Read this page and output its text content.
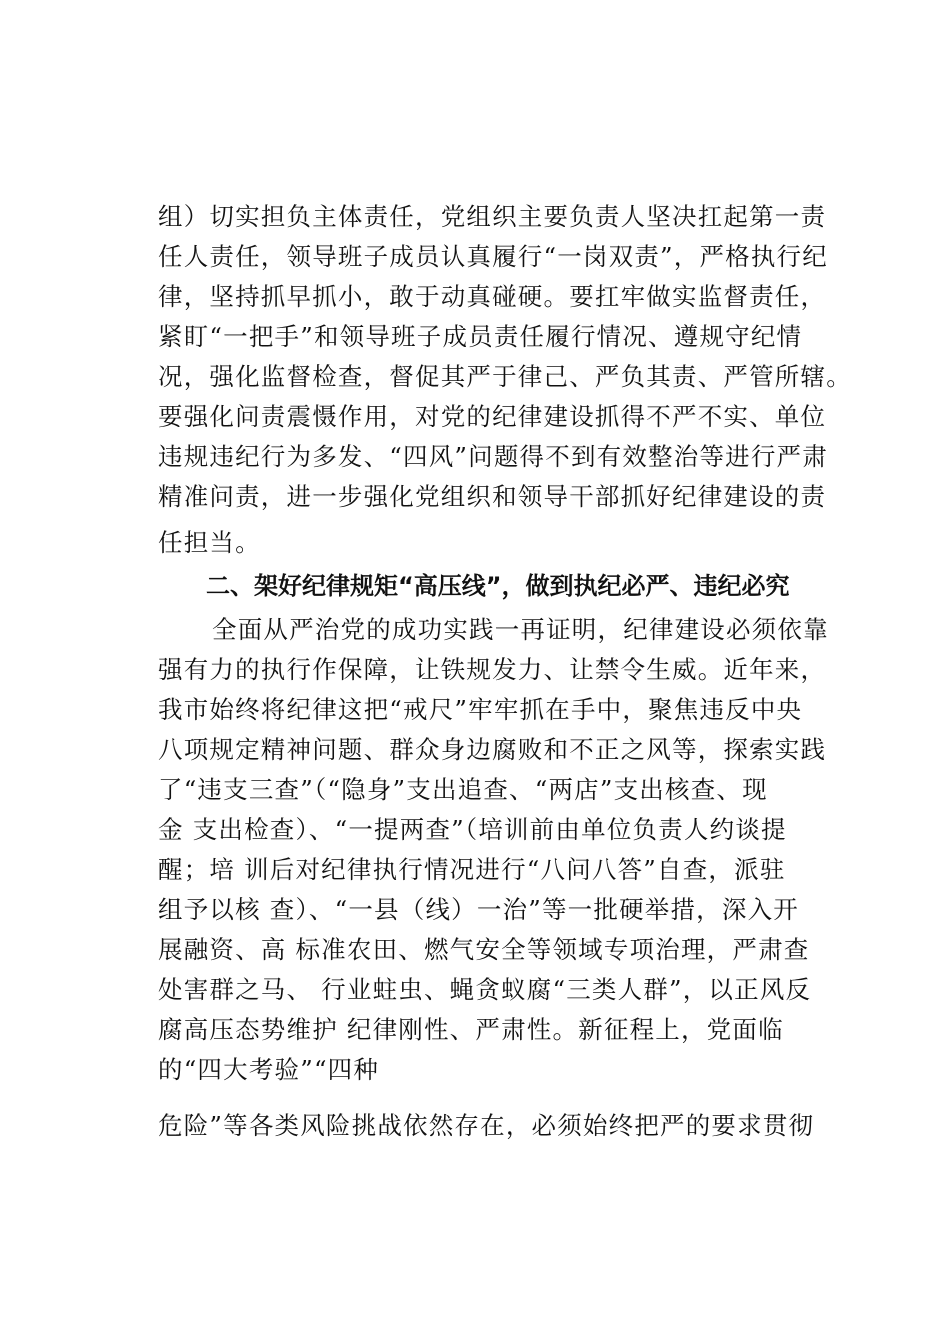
组）切实担负主体责任，党组织主要负责人坚决扛起第一责
任人责任，领导班子成员认真履行“一岗双责”，严格执行纪
律，坚持抓早抓小，敢于动真碰硬。要扛牢做实监督责任，
紧盯“一把手”和领导班子成员责任履行情况、遵规守纪情
况，强化监督检查，督促其严于律己、严负其责、严管所辖。
要强化问责震慑作用，对党的纪律建设抓得不严不实、单位
违规违纪行为多发、“四风”问题得不到有效整治等进行严肃
精准问责，进一步强化党组织和领导干部抓好纪律建设的责
任担当。
二、架好纪律规矩“高压线”，做到执纪必严、违纪必究
全面从严治党的成功实践一再证明，纪律建设必须依靠
强有力的执行作保障，让铁规发力、让禁令生威。近年来，
我市始终将纪律这把“戒尺”牢牢抓在手中，聚焦违反中央
八项规定精神问题、群众身边腐败和不正之风等，探索实践
了“违支三查”（“隐身”支出追查、“两店”支出核查、现
金 支出检查）、“一提两查”（培训前由单位负责人约谈提
醒；培 训后对纪律执行情况进行“八问八答”自查，派驻
组予以核 查）、“一县（线）一治”等一批硬举措，深入开
展融资、高 标准农田、燃气安全等领域专项治理，严肃查
处害群之马、 行业蛀虫、蝇贪蚁腐“三类人群”，以正风反
腐高压态势维护 纪律刚性、严肃性。新征程上，党面临
的“四大考验”“四种
危险”等各类风险挑战依然存在，必须始终把严的要求贯彻
